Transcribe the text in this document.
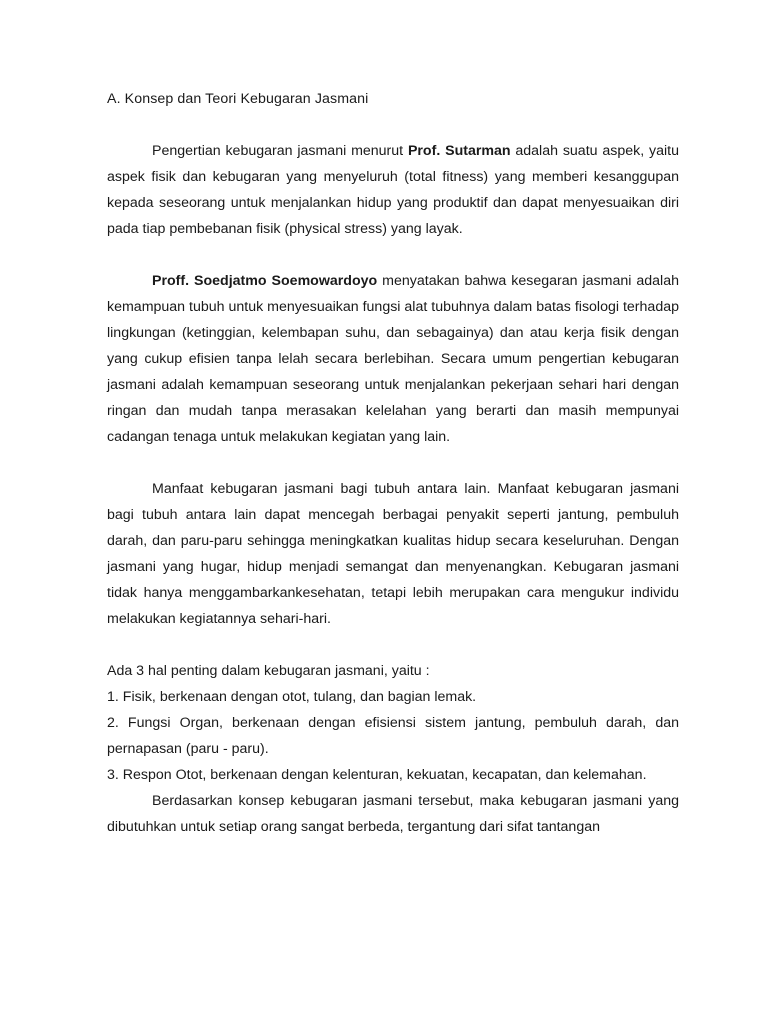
A. Konsep dan Teori Kebugaran Jasmani

Pengertian kebugaran jasmani menurut Prof. Sutarman adalah suatu aspek, yaitu aspek fisik dan kebugaran yang menyeluruh (total fitness) yang memberi kesanggupan kepada seseorang untuk menjalankan hidup yang produktif dan dapat menyesuaikan diri pada tiap pembebanan fisik (physical stress) yang layak.

Proff. Soedjatmo Soemowardoyo menyatakan bahwa kesegaran jasmani adalah kemampuan tubuh untuk menyesuaikan fungsi alat tubuhnya dalam batas fisologi terhadap lingkungan (ketinggian, kelembapan suhu, dan sebagainya) dan atau kerja fisik dengan yang cukup efisien tanpa lelah secara berlebihan. Secara umum pengertian kebugaran jasmani adalah kemampuan seseorang untuk menjalankan pekerjaan sehari hari dengan ringan dan mudah tanpa merasakan kelelahan yang berarti dan masih mempunyai cadangan tenaga untuk melakukan kegiatan yang lain.

Manfaat kebugaran jasmani bagi tubuh antara lain. Manfaat kebugaran jasmani bagi tubuh antara lain dapat mencegah berbagai penyakit seperti jantung, pembuluh darah, dan paru-paru sehingga meningkatkan kualitas hidup secara keseluruhan. Dengan jasmani yang hugar, hidup menjadi semangat dan menyenangkan. Kebugaran jasmani tidak hanya menggambarkankesehatan, tetapi lebih merupakan cara mengukur individu melakukan kegiatannya sehari-hari.

Ada 3 hal penting dalam kebugaran jasmani, yaitu :

1. Fisik, berkenaan dengan otot, tulang, dan bagian lemak.

2. Fungsi Organ, berkenaan dengan efisiensi sistem jantung, pembuluh darah, dan pernapasan (paru - paru).

3. Respon Otot, berkenaan dengan kelenturan, kekuatan, kecapatan, dan kelemahan.

Berdasarkan konsep kebugaran jasmani tersebut, maka kebugaran jasmani yang dibutuhkan untuk setiap orang sangat berbeda, tergantung dari sifat tantangan
